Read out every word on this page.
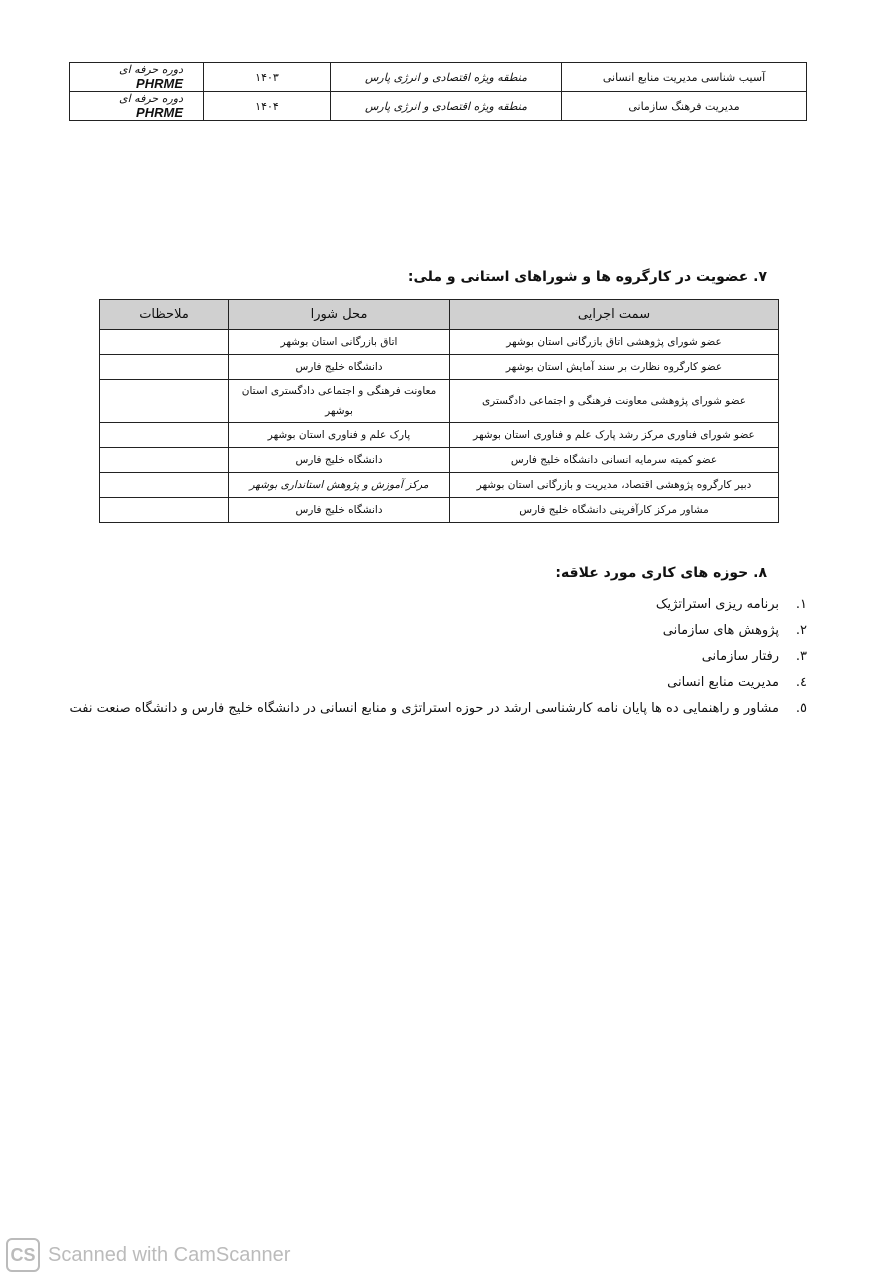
آسیب شناسی مدیریت منابع انسانی	منطقه ویژه اقتصادی و انرژی پارس	۱۴۰۳	دوره حرفه ای PHRME
مدیریت فرهنگ سازمانی	منطقه ویژه اقتصادی و انرژی پارس	۱۴۰۴	دوره حرفه ای PHRME
۷. عضویت در کارگروه ها و شوراهای استانی و ملی:
سمت اجرایی	محل شورا	ملاحظات
عضو شورای پژوهشی اتاق بازرگانی استان بوشهر	اتاق بازرگانی استان بوشهر	
عضو کارگروه نظارت بر سند آمایش استان بوشهر	دانشگاه خلیج فارس	
عضو شورای پژوهشی معاونت فرهنگی و اجتماعی دادگستری	معاونت فرهنگی و اجتماعی دادگستری استان بوشهر	
عضو شورای فناوری مرکز رشد پارک علم و فناوری استان بوشهر	پارک علم و فناوری استان بوشهر	
عضو کمیته سرمایه انسانی دانشگاه خلیج فارس	دانشگاه خلیج فارس	
دبیر کارگروه پژوهشی اقتصاد، مدیریت و بازرگانی استان بوشهر	مرکز آموزش و پژوهش استانداری بوشهر	
مشاور مرکز کارآفرینی دانشگاه خلیج فارس	دانشگاه خلیج فارس	
۸. حوزه های کاری مورد علاقه:
۱.برنامه ریزی استراتژیک
۲.پژوهش های سازمانی
۳.رفتار سازمانی
٤.مدیریت منابع انسانی
٥.مشاور و راهنمایی ده ها پایان نامه کارشناسی ارشد در حوزه استراتژی و منابع انسانی در دانشگاه خلیج فارس و دانشگاه صنعت نفت
CS Scanned with CamScanner
